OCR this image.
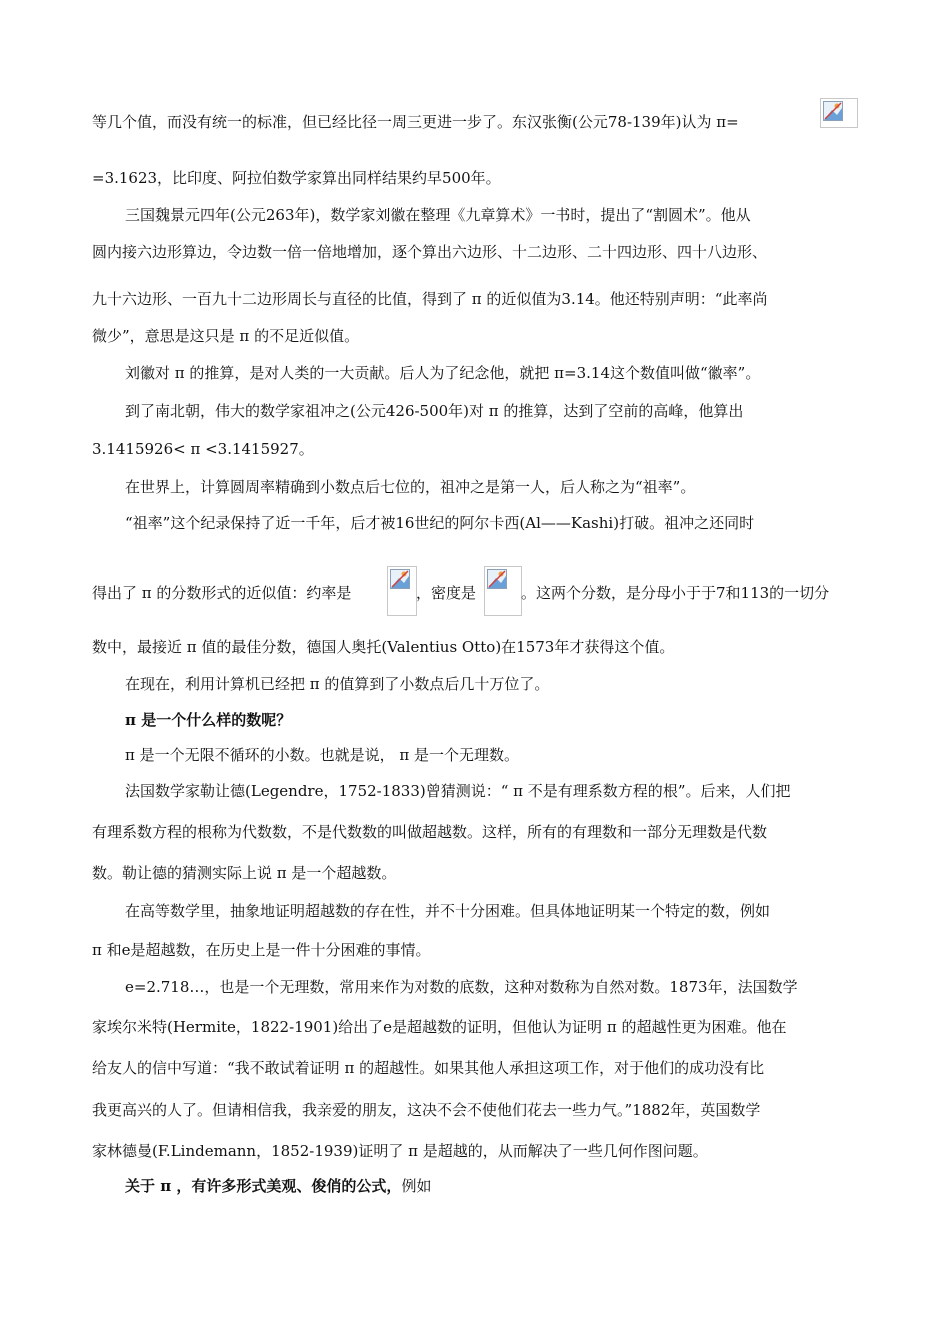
等几个值，而没有统一的标准，但已经比径一周三更进一步了。东汉张衡(公元78-139年)认为 π=
=3.1623，比印度、阿拉伯数学家算出同样结果约早500年。
三国魏景元四年(公元263年)，数学家刘徽在整理《九章算术》一书时，提出了“割圆术”。他从
圆内接六边形算边，令边数一倍一倍地增加，逐个算出六边形、十二边形、二十四边形、四十八边形、
九十六边形、一百九十二边形周长与直径的比值，得到了 π 的近似值为3.14。他还特别声明：“此率尚
微少”，意思是这只是 π 的不足近似值。
刘徽对 π 的推算，是对人类的一大贡献。后人为了纪念他，就把 π=3.14这个数值叫做“徽率”。
到了南北朝，伟大的数学家祖冲之(公元426-500年)对 π 的推算，达到了空前的高峰，他算出
3.1415926< π <3.1415927。
在世界上，计算圆周率精确到小数点后七位的，祖冲之是第一人，后人称之为“祖率”。
“祖率”这个纪录保持了近一千年，后才被16世纪的阿尔卡西(Al——Kashi)打破。祖冲之还同时
得出了 π 的分数形式的近似值：约率是	，密度是	。这两个分数，是分母小于于7和113的一切分
数中，最接近 π 值的最佳分数，德国人奥托(Valentius Otto)在1573年才获得这个值。
在现在，利用计算机已经把 π 的值算到了小数点后几十万位了。
π 是一个什么样的数呢？
π 是一个无限不循环的小数。也就是说， π 是一个无理数。
法国数学家勒让德(Legendre，1752-1833)曾猜测说：“ π 不是有理系数方程的根”。后来，人们把
有理系数方程的根称为代数数，不是代数数的叫做超越数。这样，所有的有理数和一部分无理数是代数
数。勒让德的猜测实际上说 π 是一个超越数。
在高等数学里，抽象地证明超越数的存在性，并不十分困难。但具体地证明某一个特定的数，例如
π 和e是超越数，在历史上是一件十分困难的事情。
e=2.718…，也是一个无理数，常用来作为对数的底数，这种对数称为自然对数。1873年，法国数学
家埃尔米特(Hermite，1822-1901)给出了e是超越数的证明，但他认为证明 π 的超越性更为困难。他在
给友人的信中写道：“我不敢试着证明 π 的超越性。如果其他人承担这项工作，对于他们的成功没有比
我更高兴的人了。但请相信我，我亲爱的朋友，这决不会不使他们花去一些力气。”1882年，英国数学
家林德曼(F.Lindemann，1852-1939)证明了 π 是超越的，从而解决了一些几何作图问题。
关于 π ，有许多形式美观、俊俏的公式，例如
